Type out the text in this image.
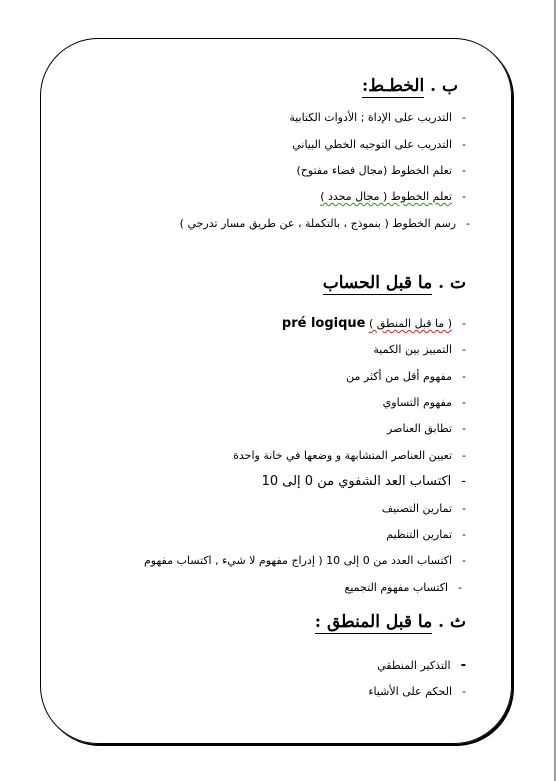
ب . الخطـط:
-التدريب على الإداة ; الأدوات الكتابية
-التدريب على التوجيه الخطي البياني
-تعلم الخطوط (مجال فضاء مفتوح)
-تعلم الخطوط ( مجال محدد )
-رسم الخطوط ( بنموذج ، بالتكملة ، عن طريق مسار تدرجي )
ت . ما قبل الحساب
-( ما قبل المنطق ) pré logique
-التمييز بين الكمية
-مفهوم أقل من أكثر من
-مفهوم التساوي
-تطابق العناصر
-تعيين العناصر المتشابهة و وضعها في خانة واحدة
-اكتساب العد الشفوي من 0 إلى 10
-تمارين التصنيف
-تمارين التنظيم
-اكتساب العدد من 0 إلى 10 ( إدراج مفهوم لا شيء , اكتساب مفهوم
-اكتساب مفهوم التجميع
ث . ما قبل المنطق :
-التذكير المنطقي
-الحكم على الأشياء
